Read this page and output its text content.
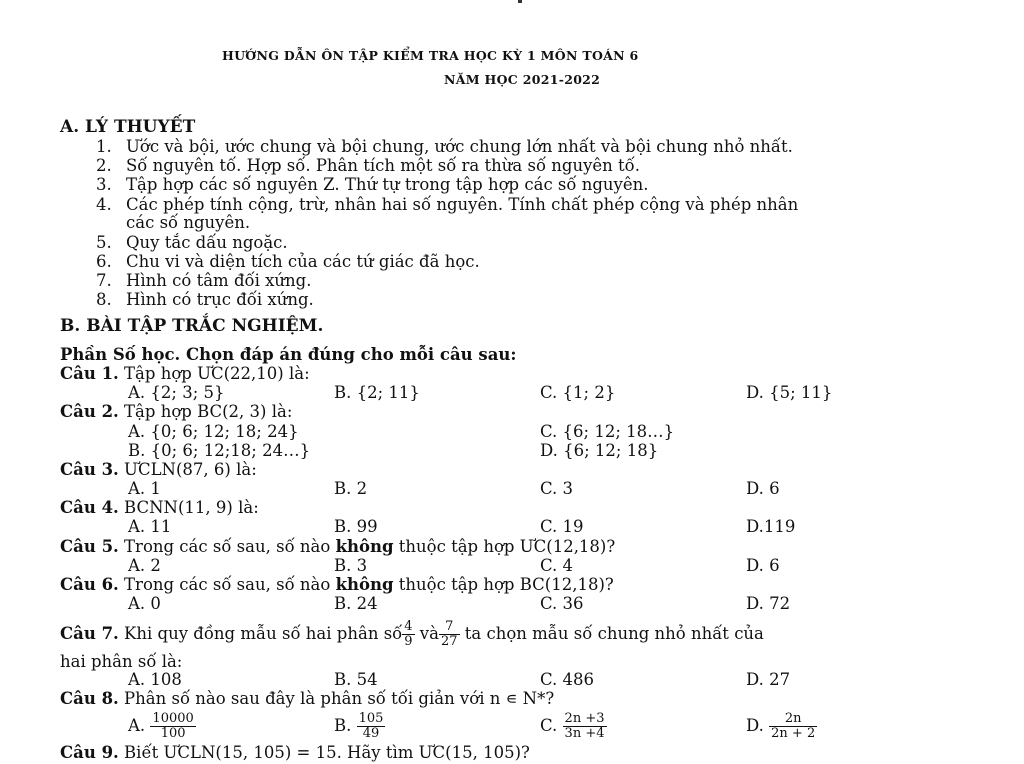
HƯỚNG DẪN ÔN TẬP KIỂM TRA HỌC KỲ 1 MÔN TOÁN 6
NĂM HỌC 2021-2022
A. LÝ THUYẾT
1. Ước và bội, ước chung và bội chung, ước chung lớn nhất và bội chung nhỏ nhất.
2. Số nguyên tố. Hợp số. Phân tích một số ra thừa số nguyên tố.
3. Tập hợp các số nguyên Z. Thứ tự trong tập hợp các số nguyên.
4. Các phép tính cộng, trừ, nhân hai số nguyên. Tính chất phép cộng và phép nhân
các số nguyên.
5. Quy tắc dấu ngoặc.
6. Chu vi và diện tích của các tứ giác đã học.
7. Hình có tâm đối xứng.
8. Hình có trục đối xứng.
B. BÀI TẬP TRẮC NGHIỆM.
Phần Số học. Chọn đáp án đúng cho mỗi câu sau:
Câu 1. Tập hợp ƯC(22,10) là:
A. {2; 3; 5}	B. {2; 11}	C. {1; 2}	D. {5; 11}
Câu 2. Tập hợp BC(2, 3) là:
A. {0; 6; 12; 18; 24}	C. {6; 12; 18…}
B. {0; 6; 12;18; 24…}	D. {6; 12; 18}
Câu 3. ƯCLN(87, 6) là:
A. 1	B. 2	C. 3	D. 6
Câu 4. BCNN(11, 9) là:
A. 11	B. 99	C. 19	D.119
Câu 5. Trong các số sau, số nào không thuộc tập hợp ƯC(12,18)?
A. 2	B. 3	C. 4	D. 6
Câu 6. Trong các số sau, số nào không thuộc tập hợp BC(12,18)?
A. 0	B. 24	C. 36	D. 72
Câu 7. Khi quy đồng mẫu số hai phân số $\frac{4}{9}$ và $\frac{7}{27}$ ta chọn mẫu số chung nhỏ nhất của
hai phân số là:
A. 108	B. 54	C. 486	D. 27
Câu 8. Phân số nào sau đây là phân số tối giản với n ∊ N*?
A. $\frac{10000}{100}$	B. $\frac{105}{49}$	C. $\frac{2n +3}{3n +4}$	D. $\frac{2n}{2n + 2}$
Câu 9. Biết ƯCLN(15, 105) = 15. Hãy tìm ƯC(15, 105)?
